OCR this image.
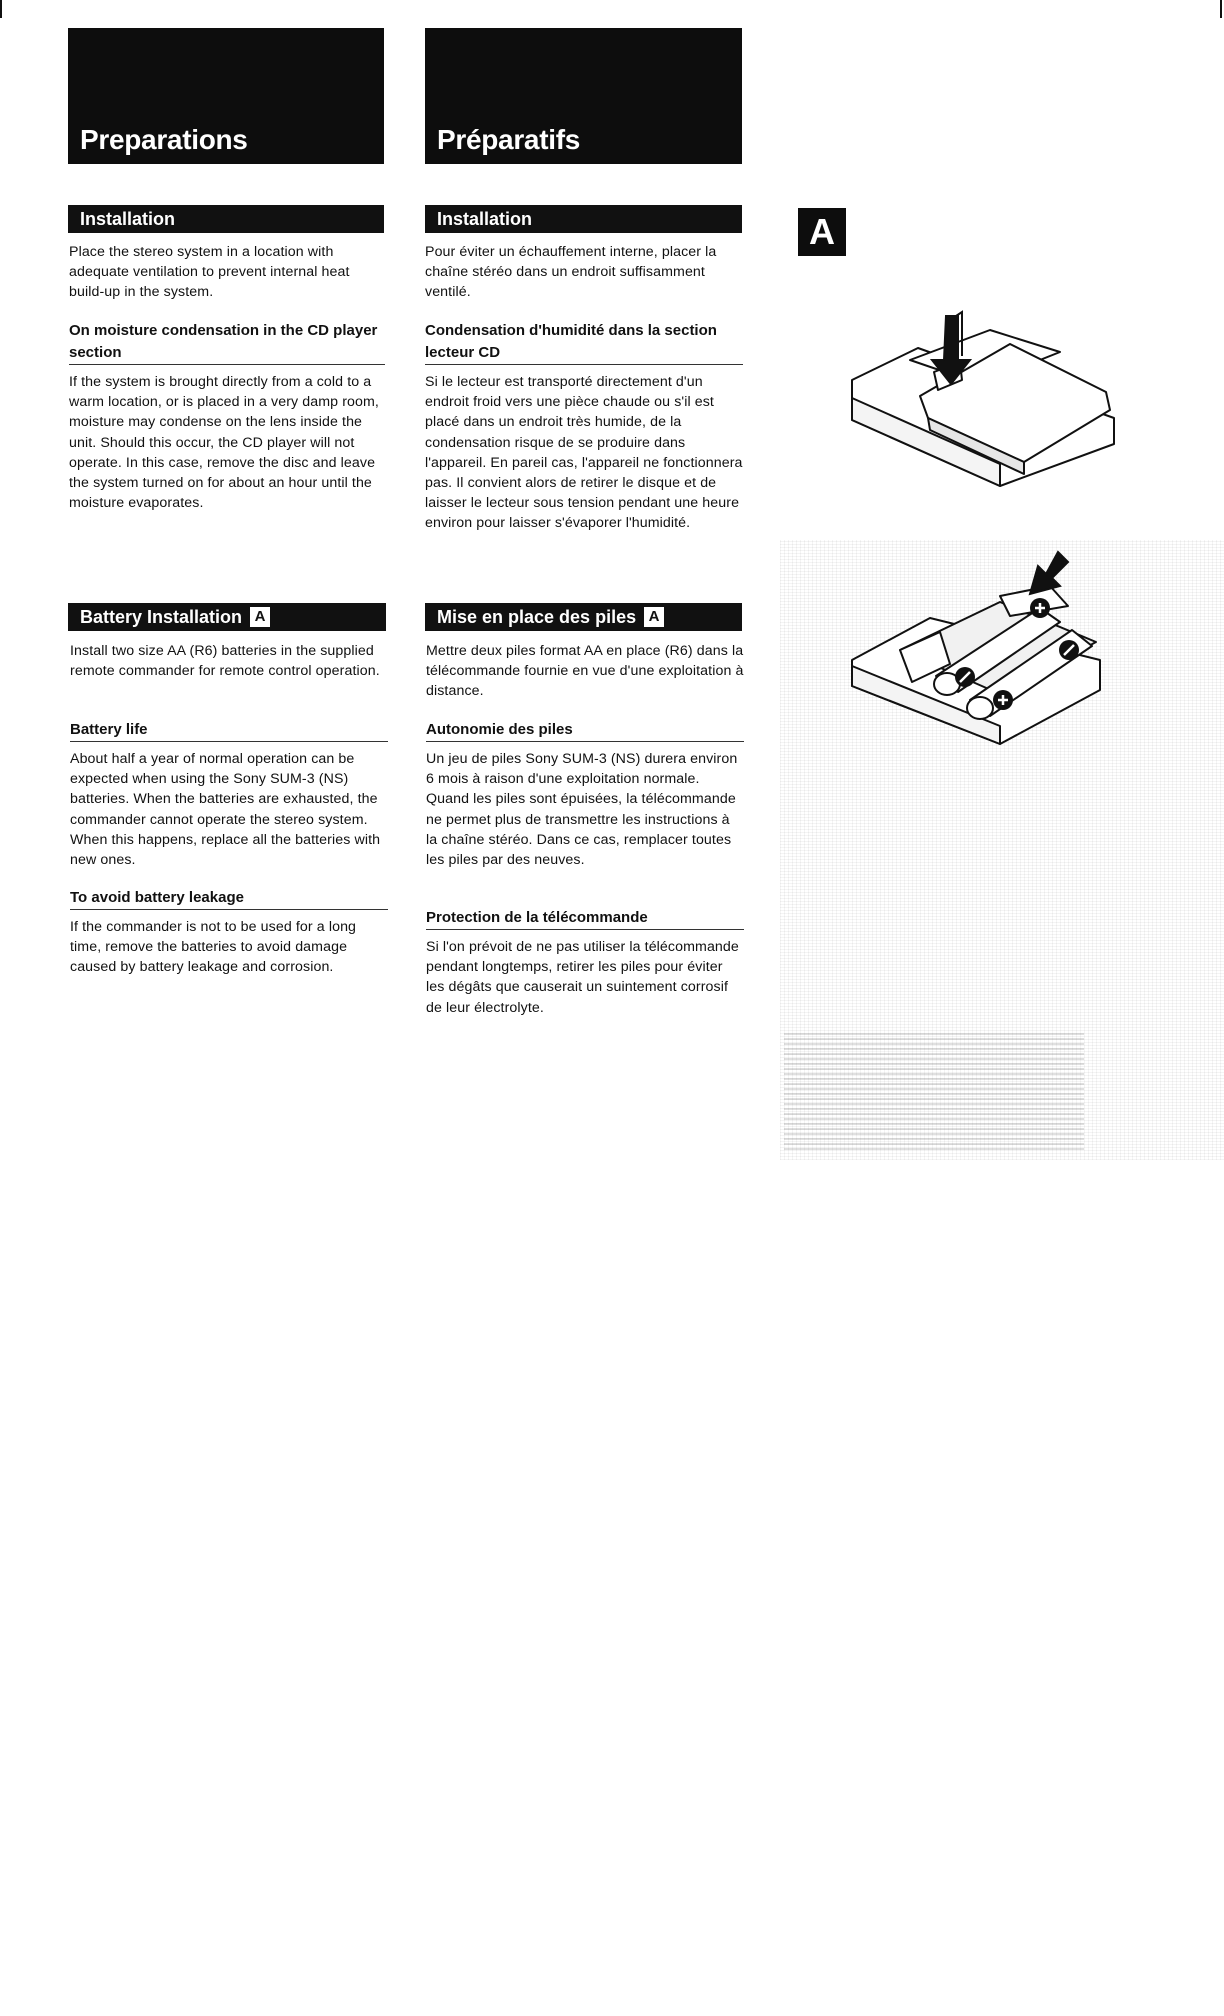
Preparations
Installation

Place the stereo system in a location with adequate ventilation to prevent internal heat build-up in the system.

On moisture condensation in the CD player section

If the system is brought directly from a cold to a warm location, or is placed in a very damp room, moisture may condense on the lens inside the unit. Should this occur, the CD player will not operate. In this case, remove the disc and leave the system turned on for about an hour until the moisture evaporates.

Battery Installation A

Install two size AA (R6) batteries in the supplied remote commander for remote control operation.

Battery life

About half a year of normal operation can be expected when using the Sony SUM-3 (NS) batteries. When the batteries are exhausted, the commander cannot operate the stereo system. When this happens, replace all the batteries with new ones.

To avoid battery leakage

If the commander is not to be used for a long time, remove the batteries to avoid damage caused by battery leakage and corrosion.

Préparatifs
Installation

Pour éviter un échauffement interne, placer la chaîne stéréo dans un endroit suffisamment ventilé.

Condensation d'humidité dans la section lecteur CD

Si le lecteur est transporté directement d'un endroit froid vers une pièce chaude ou s'il est placé dans un endroit très humide, de la condensation risque de se produire dans l'appareil. En pareil cas, l'appareil ne fonctionnera pas. Il convient alors de retirer le disque et de laisser le lecteur sous tension pendant une heure environ pour laisser s'évaporer l'humidité.

Mise en place des piles A

Mettre deux piles format AA en place (R6) dans la télécommande fournie en vue d'une exploitation à distance.

Autonomie des piles

Un jeu de piles Sony SUM-3 (NS) durera environ 6 mois à raison d'une exploitation normale. Quand les piles sont épuisées, la télécommande ne permet plus de transmettre les instructions à la chaîne stéréo. Dans ce cas, remplacer toutes les piles par des neuves.

Protection de la télécommande

Si l'on prévoit de ne pas utiliser la télécommande pendant longtemps, retirer les piles pour éviter les dégâts que causerait un suintement corrosif de leur électrolyte.

A
